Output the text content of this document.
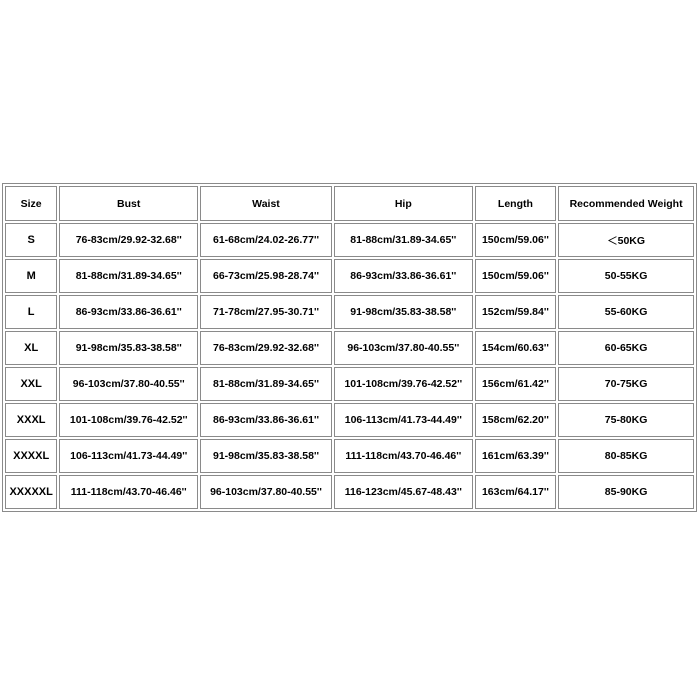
Size	Bust	Waist	Hip	Length	Recommended Weight
S	76-83cm/29.92-32.68''	61-68cm/24.02-26.77''	81-88cm/31.89-34.65''	150cm/59.06''	＜50KG
M	81-88cm/31.89-34.65''	66-73cm/25.98-28.74''	86-93cm/33.86-36.61''	150cm/59.06''	50-55KG
L	86-93cm/33.86-36.61''	71-78cm/27.95-30.71''	91-98cm/35.83-38.58''	152cm/59.84''	55-60KG
XL	91-98cm/35.83-38.58''	76-83cm/29.92-32.68''	96-103cm/37.80-40.55''	154cm/60.63''	60-65KG
XXL	96-103cm/37.80-40.55''	81-88cm/31.89-34.65''	101-108cm/39.76-42.52''	156cm/61.42''	70-75KG
XXXL	101-108cm/39.76-42.52''	86-93cm/33.86-36.61''	106-113cm/41.73-44.49''	158cm/62.20''	75-80KG
XXXXL	106-113cm/41.73-44.49''	91-98cm/35.83-38.58''	111-118cm/43.70-46.46''	161cm/63.39''	80-85KG
XXXXXL	111-118cm/43.70-46.46''	96-103cm/37.80-40.55''	116-123cm/45.67-48.43''	163cm/64.17''	85-90KG
